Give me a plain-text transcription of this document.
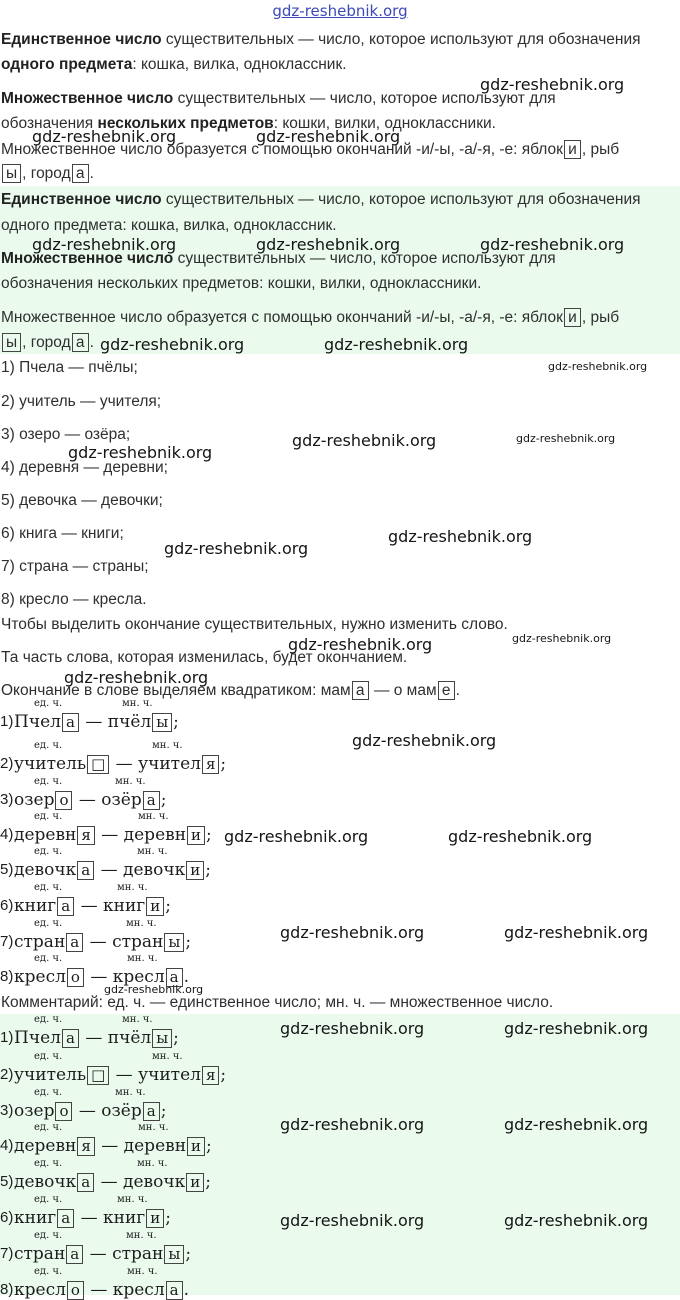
gdz-reshebnik.org
Единственное число существительных — число, которое используют для обозначения
одного предмета: кошка, вилка, одноклассник.
Множественное число существительных — число, которое используют для
обозначения нескольких предметов: кошки, вилки, одноклассники.
Множественное число образуется с помощью окончаний -и/-ы, -а/-я, -е: яблок и , рыб
ы , город а .
Единственное число существительных — число, которое используют для обозначения
одного предмета: кошка, вилка, одноклассник.
Множественное число существительных — число, которое используют для
обозначения нескольких предметов: кошки, вилки, одноклассники.
Множественное число образуется с помощью окончаний -и/-ы, -а/-я, -е: яблок и , рыб
ы , город а .
1) Пчела — пчёлы;
2) учитель — учителя;
3) озеро — озёра;
4) деревня — деревни;
5) девочка — девочки;
6) книга — книги;
7) страна — страны;
8) кресло — кресла.
Чтобы выделить окончание существительных, нужно изменить слово.
Та часть слова, которая изменилась, будет окончанием.
Окончание в слове выделяем квадратиком: мам а — о мам е .
1)
ед. ч.	мн. ч.
Пчел а — пчёл ы ;
2)
ед. ч.	мн. ч.
учитель □ — учител я ;
3)
ед. ч.	мн. ч.
озер о — озёр а ;
4)
ед. ч.	мн. ч.
деревн я — деревн и ;
5)
ед. ч.	мн. ч.
девочк а — девочк и ;
6)
ед. ч.	мн. ч.
книг а — книг и ;
7)
ед. ч.	мн. ч.
стран а — стран ы ;
8)
ед. ч.	мн. ч.
кресл о — кресл а .
Комментарий: ед. ч. — единственное число; мн. ч. — множественное число.
1)
ед. ч.	мн. ч.
Пчел а — пчёл ы ;
2)
ед. ч.	мн. ч.
учитель □ — учител я ;
3)
ед. ч.	мн. ч.
озер о — озёр а ;
4)
ед. ч.	мн. ч.
деревн я — деревн и ;
5)
ед. ч.	мн. ч.
девочк а — девочк и ;
6)
ед. ч.	мн. ч.
книг а — книг и ;
7)
ед. ч.	мн. ч.
стран а — стран ы ;
8)
ед. ч.	мн. ч.
кресл о — кресл а .
gdz-reshebnik.org
gdz-reshebnik.org	gdz-reshebnik.org
gdz-reshebnik.org	gdz-reshebnik.org	gdz-reshebnik.org
gdz-reshebnik.org	gdz-reshebnik.org
gdz-reshebnik.org
gdz-reshebnik.org
gdz-reshebnik.org
gdz-reshebnik.org
gdz-reshebnik.org
gdz-reshebnik.org
gdz-reshebnik.org	gdz-reshebnik.org
gdz-reshebnik.org
gdz-reshebnik.org
gdz-reshebnik.org	gdz-reshebnik.org
gdz-reshebnik.org	gdz-reshebnik.org
gdz-reshebnik.org
gdz-reshebnik.org	gdz-reshebnik.org
gdz-reshebnik.org	gdz-reshebnik.org
gdz-reshebnik.org	gdz-reshebnik.org
